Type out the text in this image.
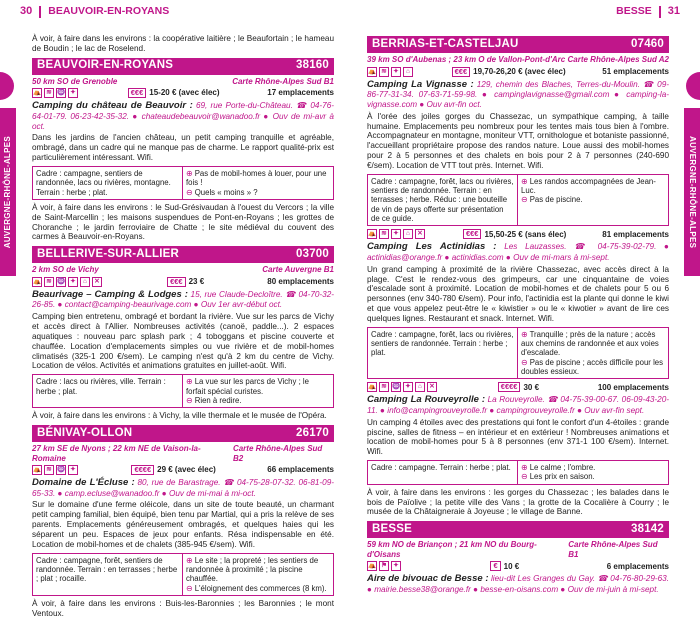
30 BEAUVOIR-EN-ROYANS
AUVERGNE-RHÔNE-ALPES

À voir, à faire dans les environs : la coopérative laitière ; le Beaufortain ; le hameau de Boudin ; le lac de Roselend.

BEAUVOIR-EN-ROYANS	38160
50 km SO de Grenoble	Carte Rhône-Alpes Sud B1
⛺ ≋ ♒ ✦	€€€ 15-20 € (avec élec)	17 emplacements

Camping du château de Beauvoir : 69, rue Porte-du-Château. ☎ 04-76-64-01-79. 06-23-42-35-32. ● chateaudebeauvoir@wanadoo.fr ● Ouv de mi-avr à oct.

Dans les jardins de l'ancien château, un petit camping tranquille et agréable, ombragé, dans un cadre qui ne manque pas de charme. Le rapport qualité-prix est particulièrement intéressant. Wifi.

Cadre : campagne, sentiers de randonnée, lacs ou rivières, montagne. Terrain : herbe ; plat.
⊕ Pas de mobil-homes à louer, pour une fois !
⊖ Quels « moins » ?

À voir, à faire dans les environs : le Sud-Grésivaudan à l'ouest du Vercors ; la ville de Saint-Marcellin ; les maisons suspendues de Pont-en-Royans ; les grottes de Choranche ; le jardin ferroviaire de Chatte ; le site médiéval du couvent des carmes à Beauvoir-en-Royans.

BELLERIVE-SUR-ALLIER	03700
2 km SO de Vichy	Carte Auvergne B1
⛺ ≋ ♒ ✦	⌂	✕	€€€ 23 €	80 emplacements

Beaurivage – Camping & Lodges : 15, rue Claude-Decloître. ☎ 04-70-32-26-85. ● contact@camping-beaurivage.com ● Ouv 1er avr-début oct.

Camping bien entretenu, ombragé et bordant la rivière. Vue sur les parcs de Vichy et accès direct à l'Allier. Nombreuses activités (canoë, paddle...). 2 espaces aquatiques : nouveau parc splash park ; 4 toboggans et piscine couverte et chauffée. Location d'emplacements simples ou vue rivière et de mobil-homes climatisés (325-1 200 €/sem). Le camping n'est qu'à 2 km du centre de Vichy. Location de vélos. Activités et animations gratuites en juillet-août. Wifi.

Cadre : lacs ou rivières, ville. Terrain : herbe ; plat.
⊕ La vue sur les parcs de Vichy ; le forfait spécial curistes.
⊖ Rien à redire.

À voir, à faire dans les environs : à Vichy, la ville thermale et le musée de l'Opéra.

BÉNIVAY-OLLON	26170
27 km SE de Nyons ; 22 km NE de Vaison-la-Romaine
Carte Rhône-Alpes Sud B2
⛺ ≋ ♒ ✦	€€€€ 29 € (avec élec)	66 emplacements

Domaine de L'Écluse : 80, rue de Barastrage. ☎ 04-75-28-07-32. 06-81-09-65-33. ● camp.ecluse@wanadoo.fr ● Ouv de mi-mai à mi-oct.

Sur le domaine d'une ferme oléicole, dans un site de toute beauté, un charmant petit camping familial, bien équipé, bien tenu par Martial, qui a pris la relève de ses parents. Emplacements généreusement ombragés, et quelques haies qui les séparent un peu. Espaces de jeux pour enfants. Résa indispensable en été. Location de mobil-homes et de chalets (385-945 €/sem). Wifi.

Cadre : campagne, forêt, sentiers de randonnée. Terrain : en terrasses ; herbe ; plat ; rocaille.
⊕ Le site ; la propreté ; les sentiers de randonnée à proximité ; la piscine chauffée.
⊖ L'éloignement des commerces (8 km).

À voir, à faire dans les environs : Buis-les-Baronnies ; les Baronnies ; le mont Ventoux.

BESSE 31
AUVERGNE-RHÔNE-ALPES
BERRIAS-ET-CASTELJAU	07460
39 km SO d'Aubenas ; 23 km O de Vallon-Pont-d'Arc Carte Rhône-Alpes Sud A2
⛺ ≋	✦	⌂	€€€ 19,70-26,20 € (avec élec)	51 emplacements

Camping La Vignasse : 129, chemin des Blaches, Terres-du-Moulin. ☎ 09-86-77-31-34. 07-63-71-59-98. ● campinglavignasse@gmail.com ● camping-la-vignasse.com ● Ouv avr-fin oct.

À l'orée des joiles gorges du Chassezac, un sympathique camping, à taille humaine. Emplacements peu nombreux pour les tentes mais tous bien à l'ombre. Accompagnateur en montagne, moniteur VTT, ornithologue et botaniste passionné, l'accueillant propriétaire propose des randos nature. Loue aussi des mobil-homes pour 2 à 5 personnes et des chalets en bois pour 2 à 7 personnes (240-690 €/sem). Location de VTT tout près. Internet. Wifi.

Cadre : campagne, forêt, lacs ou rivières, sentiers de randonnée. Terrain : en terrasses ; herbe. Réduc : une bouteille de vin de pays offerte sur présentation de ce guide.
⊕ Les randos accompagnées de Jean-Luc.
⊖ Pas de piscine.
⛺ ≋	✦	⌂	✕	€€€ 15,50-25 € (sans élec)	81 emplacements

Camping Les Actinidias : Les Lauzasses. ☎ 04-75-39-02-79. ● actinidias@orange.fr ● actinidias.com ● Ouv de mi-mars à mi-sept.

Un grand camping à proximité de la rivière Chassezac, avec accès direct à la plage. C'est le rendez-vous des grimpeurs, car une cinquantaine de voies d'escalade sont à proximité. Location de mobil-homes et de chalets pour 5 ou 6 personnes (env 340-780 €/sem). Pour info, l'actinidia est la plante qui donne le kiwi et que vous appelez peut-être le « kiwistier » ou le « kiwotier » avant de lire ces quelques lignes. Restaurant et snack. Internet. Wifi.

Cadre : campagne, forêt, lacs ou rivières, sentiers de randonnée. Terrain : herbe ; plat.
⊕ Tranquille ; près de la nature ; accès aux chemins de randonnée et aux voies d'escalade.
⊖ Pas de piscine ; accès difficile pour les doubles essieux.
⛺ ≋ ♒ ✦	⌂	✕	€€€€ 30 €	100 emplacements

Camping La Rouveyrolle : La Rouveyrolle. ☎ 04-75-39-00-67. 06-09-43-20-11. ● info@campingrouveyrolle.fr ● campingrouveyrolle.fr ● Ouv avr-fin sept.

Un camping 4 étoiles avec des prestations qui font le confort d'un 4-étoiles : grande piscine, salles de fitness – en intérieur et en extérieur ! Nombreuses animations et location de mobil-homes pour 5 à 8 personnes (env 371-1 100 €/sem). Internet. Wifi.

Cadre : campagne. Terrain : herbe ; plat.	⊕ Le calme ; l'ombre.
⊖ Les prix en saison.

À voir, à faire dans les environs : les gorges du Chassezac ; les balades dans le bois de Païolive ; la petite ville des Vans ; la grotte de la Cocalière à Courry ; le musée de la Châtaigneraie à Joyeuse ; le village de Banne.

BESSE	38142
59 km NO de Briançon ; 21 km NO du Bourg-d'Oisans
Carte Rhône-Alpes Sud B1
⛺ ⚑ ✦	€ 10 €	6 emplacements

Aire de bivouac de Besse : lieu-dit Les Granges du Gay. ☎ 04-76-80-29-63. ● mairie.besse38@orange.fr ● besse-en-oisans.com ● Ouv de mi-juin à mi-sept.
